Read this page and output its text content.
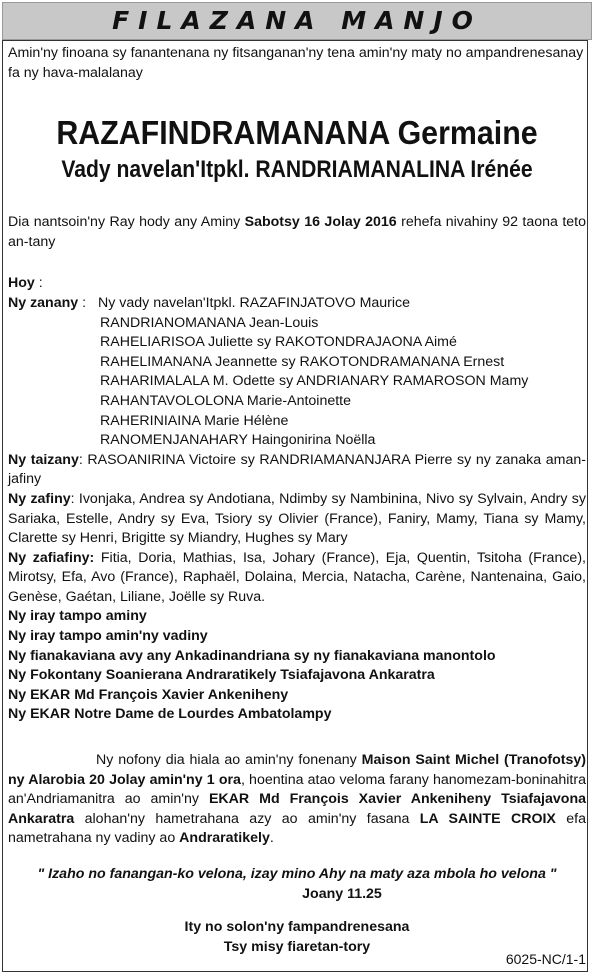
FILAZANA MANJO

Amin'ny finoana sy fanantenana ny fitsanganan'ny tena amin'ny maty no ampandrenesanay fa ny hava-malalanay

RAZAFINDRAMANANA Germaine
Vady navelan'Itpkl. RANDRIAMANALINA Irénée

Dia nantsoin'ny Ray hody any Aminy Sabotsy 16 Jolay 2016 rehefa nivahiny 92 taona teto an-tany

Hoy :

Ny zanany : Ny vady navelan'Itpkl. RAZAFINJATOVO Maurice
RANDRIANOMANANA Jean-Louis
RAHELIARISOA Juliette sy RAKOTONDRAJAONA Aimé
RAHELIMANANA Jeannette sy RAKOTONDRAMANANA Ernest
RAHARIMALALA M. Odette sy ANDRIANARY RAMAROSON Mamy
RAHANTAVOLOLONA Marie-Antoinette
RAHERINIAINA Marie Hélène
RANOMENJANAHARY Haingonirina Noëlla

Ny taizany: RASOANIRINA Victoire sy RANDRIAMANANJARA Pierre sy ny zanaka aman-jafiny

Ny zafiny: Ivonjaka, Andrea sy Andotiana, Ndimby sy Nambinina, Nivo sy Sylvain, Andry sy Sariaka, Estelle, Andry sy Eva, Tsiory sy Olivier (France), Faniry, Mamy, Tiana sy Mamy, Clarette sy Henri, Brigitte sy Miandry, Hughes sy Mary

Ny zafiafiny: Fitia, Doria, Mathias, Isa, Johary (France), Eja, Quentin, Tsitoha (France), Mirotsy, Efa, Avo (France), Raphaël, Dolaina, Mercia, Natacha, Carène, Nantenaina, Gaio, Genèse, Gaétan, Liliane, Joëlle sy Ruva.

Ny iray tampo aminy

Ny iray tampo amin'ny vadiny

Ny fianakaviana avy any Ankadinandriana sy ny fianakaviana manontolo

Ny Fokontany Soanierana Andraratikely Tsiafajavona Ankaratra

Ny EKAR Md François Xavier Ankeniheny

Ny EKAR Notre Dame de Lourdes Ambatolampy

Ny nofony dia hiala ao amin'ny fonenany Maison Saint Michel (Tranofotsy) ny Alarobia 20 Jolay amin'ny 1 ora, hoentina atao veloma farany hanomezam-boninahitra an'Andriamanitra ao amin'ny EKAR Md François Xavier Ankeniheny Tsiafajavona Ankaratra alohan'ny hametrahana azy ao amin'ny fasana LA SAINTE CROIX efa nametrahana ny vadiny ao Andraratikely.

" Izaho no fanangan-ko velona, izay mino Ahy na maty aza mbola ho velona "

Joany 11.25

Ity no solon'ny fampandrenesana

Tsy misy fiaretan-tory

6025-NC/1-1
